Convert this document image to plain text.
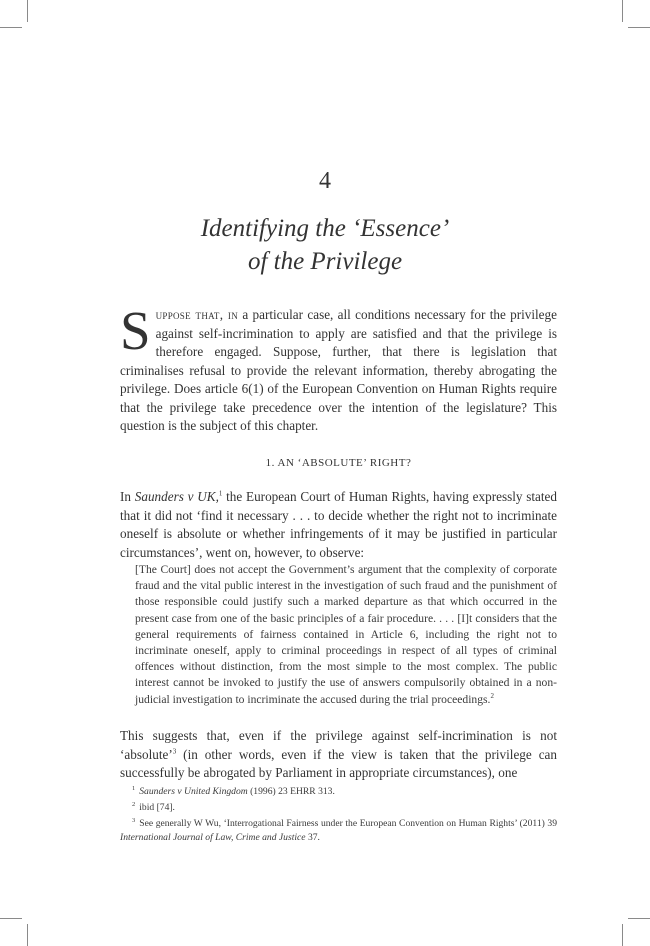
4
Identifying the ‘Essence’
of the Privilege
Suppose that, in a particular case, all conditions necessary for the privilege against self-incrimination to apply are satisfied and that the privilege is therefore engaged. Suppose, further, that there is legislation that criminalises refusal to provide the relevant information, thereby abrogating the privilege. Does article 6(1) of the European Convention on Human Rights require that the privilege take precedence over the intention of the legislature? This question is the subject of this chapter.
1. AN ‘ABSOLUTE’ RIGHT?
In Saunders v UK,$^1$ the European Court of Human Rights, having expressly stated that it did not ‘find it necessary . . . to decide whether the right not to incriminate oneself is absolute or whether infringements of it may be justified in particular circumstances’, went on, however, to observe:
[The Court] does not accept the Government’s argument that the complexity of corporate fraud and the vital public interest in the investigation of such fraud and the punishment of those responsible could justify such a marked departure as that which occurred in the present case from one of the basic principles of a fair procedure. . . . [I]t considers that the general requirements of fairness contained in Article 6, including the right not to incriminate oneself, apply to criminal proceedings in respect of all types of criminal offences without distinction, from the most simple to the most complex. The public interest cannot be invoked to justify the use of answers compulsorily obtained in a non-judicial investigation to incriminate the accused during the trial proceedings.$^2$
This suggests that, even if the privilege against self-incrimination is not ‘absolute’$^3$ (in other words, even if the view is taken that the privilege can successfully be abrogated by Parliament in appropriate circumstances), one
$^1$ Saunders v United Kingdom (1996) 23 EHRR 313.
$^2$ ibid [74].
$^3$ See generally W Wu, ‘Interrogational Fairness under the European Convention on Human Rights’ (2011) 39 International Journal of Law, Crime and Justice 37.
